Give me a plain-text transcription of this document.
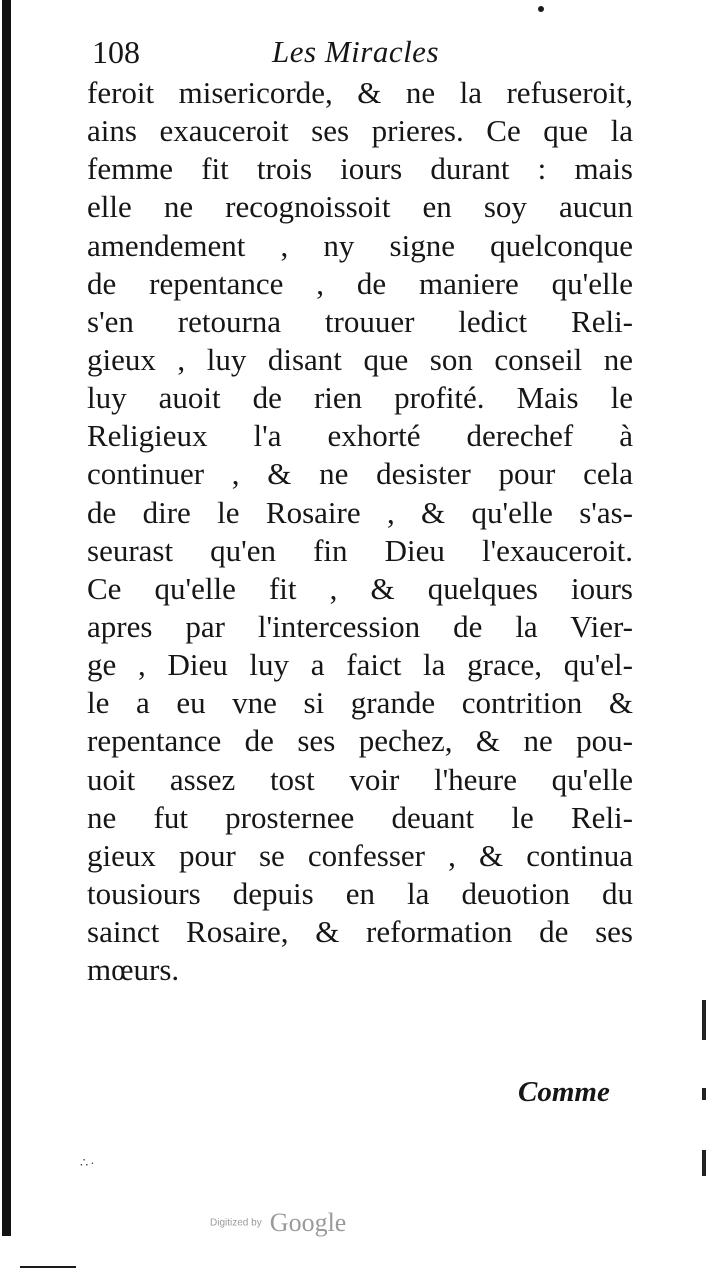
108	Les Miracles
feroit misericorde, & ne la refuseroit,
ains exauceroit ses prieres. Ce que la
femme fit trois iours durant : mais
elle ne recognoissoit en soy aucun
amendement , ny signe quelconque
de repentance , de maniere qu'elle
s'en retourna trouuer ledict Reli-
gieux , luy disant que son conseil ne
luy auoit de rien profité. Mais le
Religieux l'a exhorté derechef à
continuer , & ne desister pour cela
de dire le Rosaire , & qu'elle s'as-
seurast qu'en fin Dieu l'exauceroit.
Ce qu'elle fit , & quelques iours
apres par l'intercession de la Vier-
ge , Dieu luy a faict la grace, qu'el-
le a eu vne si grande contrition &
repentance de ses pechez, & ne pou-
uoit assez tost voir l'heure qu'elle
ne fut prosternee deuant le Reli-
gieux pour se confesser , & continua
tousiours depuis en la deuotion du
sainct Rosaire, & reformation de ses
mœurs.
Comme
∴·
Digitized by Google
